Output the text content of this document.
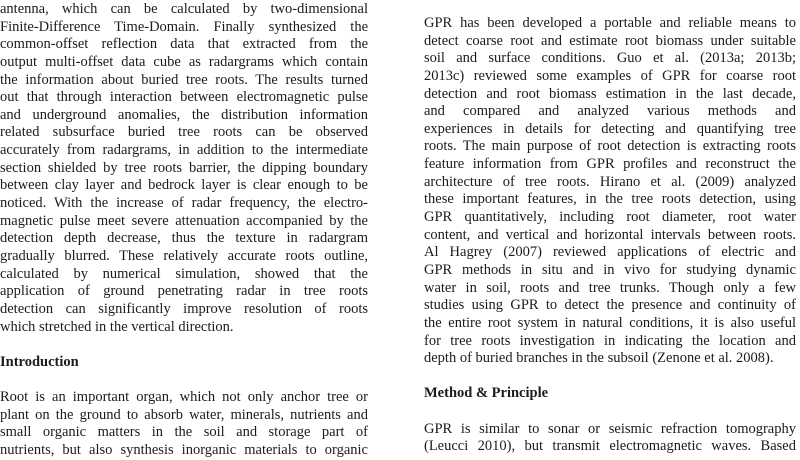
antenna, which can be calculated by two-dimensional
Finite-Difference Time-Domain. Finally synthesized the
common-offset reflection data that extracted from the
output multi-offset data cube as radargrams which contain
the information about buried tree roots. The results turned
out that through interaction between electromagnetic pulse
and underground anomalies, the distribution information
related subsurface buried tree roots can be observed
accurately from radargrams, in addition to the intermediate
section shielded by tree roots barrier, the dipping boundary
between clay layer and bedrock layer is clear enough to be
noticed. With the increase of radar frequency, the electro-
magnetic pulse meet severe attenuation accompanied by the
detection depth decrease, thus the texture in radargram
gradually blurred. These relatively accurate roots outline,
calculated by numerical simulation, showed that the
application of ground penetrating radar in tree roots
detection can significantly improve resolution of roots
which stretched in the vertical direction.
Introduction
Root is an important organ, which not only anchor tree or
plant on the ground to absorb water, minerals, nutrients and
small organic matters in the soil and storage part of
nutrients, but also synthesis inorganic materials to organic
GPR has been developed a portable and reliable means to
detect coarse root and estimate root biomass under suitable
soil and surface conditions. Guo et al. (2013a; 2013b;
2013c) reviewed some examples of GPR for coarse root
detection and root biomass estimation in the last decade,
and compared and analyzed various methods and
experiences in details for detecting and quantifying tree
roots. The main purpose of root detection is extracting roots
feature information from GPR profiles and reconstruct the
architecture of tree roots. Hirano et al. (2009) analyzed
these important features, in the tree roots detection, using
GPR quantitatively, including root diameter, root water
content, and vertical and horizontal intervals between roots.
Al Hagrey (2007) reviewed applications of electric and
GPR methods in situ and in vivo for studying dynamic
water in soil, roots and tree trunks. Though only a few
studies using GPR to detect the presence and continuity of
the entire root system in natural conditions, it is also useful
for tree roots investigation in indicating the location and
depth of buried branches in the subsoil (Zenone et al. 2008).
Method & Principle
GPR is similar to sonar or seismic refraction tomography
(Leucci 2010), but transmit electromagnetic waves. Based
